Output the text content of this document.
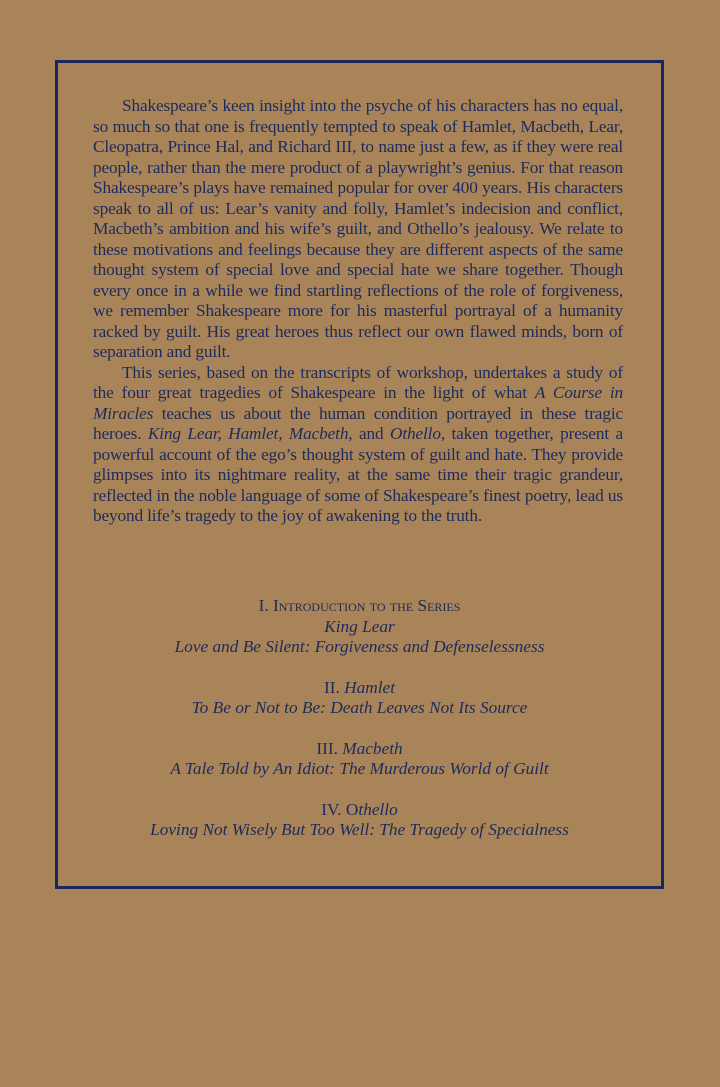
Shakespeare’s keen insight into the psyche of his characters has no equal, so much so that one is frequently tempted to speak of Hamlet, Macbeth, Lear, Cleopatra, Prince Hal, and Richard III, to name just a few, as if they were real people, rather than the mere product of a playwright’s genius. For that reason Shakespeare’s plays have remained popular for over 400 years. His characters speak to all of us: Lear’s vanity and folly, Hamlet’s indecision and conflict, Macbeth’s ambition and his wife’s guilt, and Othello’s jealousy. We relate to these motivations and feelings because they are different aspects of the same thought system of special love and special hate we share together. Though every once in a while we find startling reflections of the role of forgiveness, we remember Shakespeare more for his masterful portrayal of a humanity racked by guilt. His great heroes thus reflect our own flawed minds, born of separation and guilt.

This series, based on the transcripts of workshop, undertakes a study of the four great tragedies of Shakespeare in the light of what A Course in Miracles teaches us about the human condition portrayed in these tragic heroes. King Lear, Hamlet, Macbeth, and Othello, taken together, present a powerful account of the ego’s thought system of guilt and hate. They provide glimpses into its nightmare reality, at the same time their tragic grandeur, reflected in the noble language of some of Shakespeare’s finest poetry, lead us beyond life’s tragedy to the joy of awakening to the truth.

I. Introduction to the Series
King Lear
Love and Be Silent: Forgiveness and Defenselessness
II. Hamlet
To Be or Not to Be: Death Leaves Not Its Source
III. Macbeth
A Tale Told by An Idiot: The Murderous World of Guilt
IV. Othello
Loving Not Wisely But Too Well: The Tragedy of Specialness
